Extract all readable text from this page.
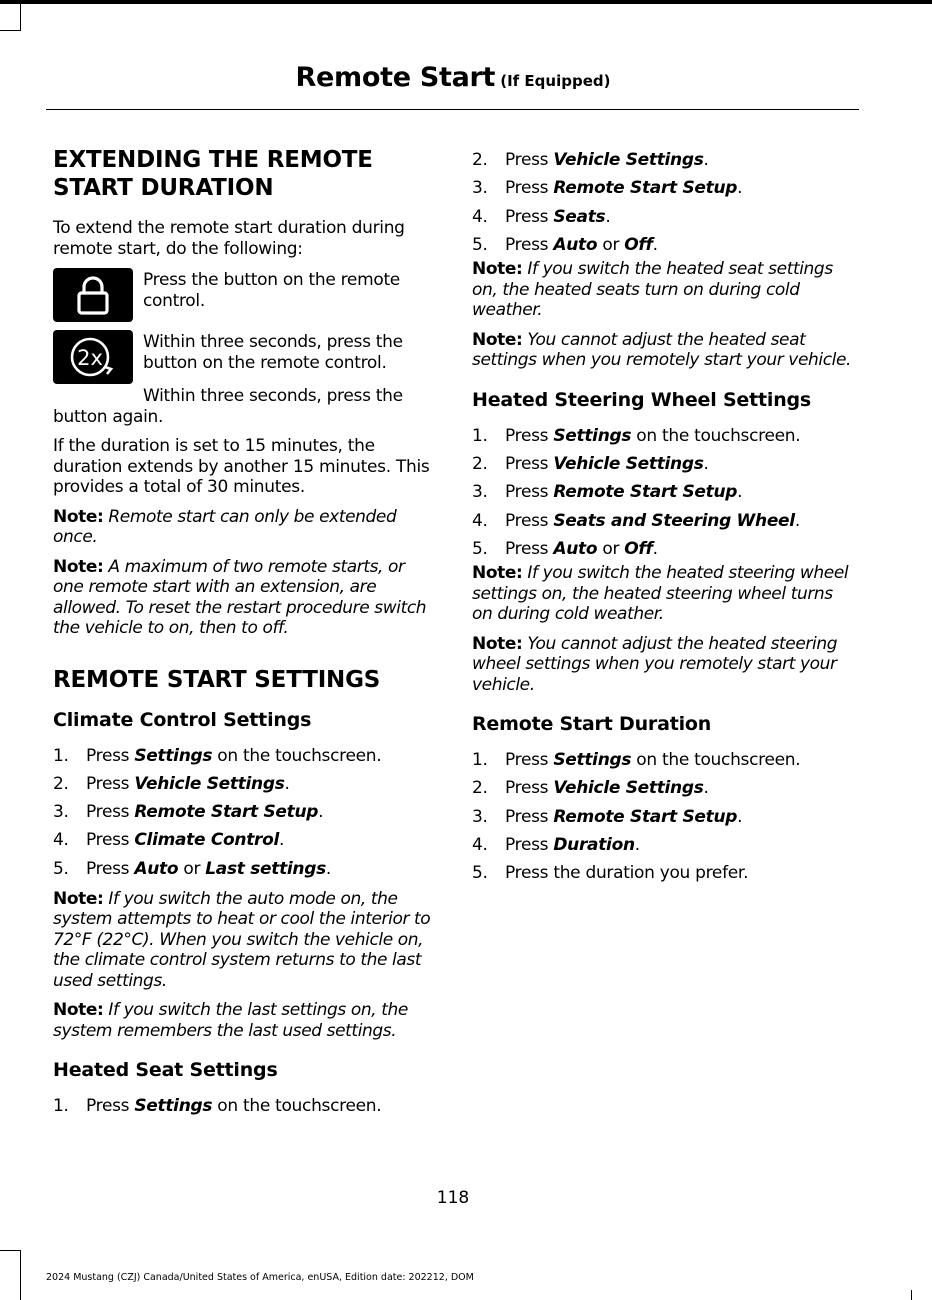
Remote Start (If Equipped)
EXTENDING THE REMOTE START DURATION
To extend the remote start duration during remote start, do the following:
Press the button on the remote control.
2x
Within three seconds, press the button on the remote control.
Within three seconds, press the button again.
If the duration is set to 15 minutes, the duration extends by another 15 minutes. This provides a total of 30 minutes.
Note: Remote start can only be extended once.
Note: A maximum of two remote starts, or one remote start with an extension, are allowed. To reset the restart procedure switch the vehicle to on, then to off.
REMOTE START SETTINGS
Climate Control Settings
1.	Press Settings on the touchscreen.
2.	Press Vehicle Settings.
3.	Press Remote Start Setup.
4.	Press Climate Control.
5.	Press Auto or Last settings.
Note: If you switch the auto mode on, the system attempts to heat or cool the interior to 72°F (22°C). When you switch the vehicle on, the climate control system returns to the last used settings.
Note: If you switch the last settings on, the system remembers the last used settings.
Heated Seat Settings
1.	Press Settings on the touchscreen.
2.	Press Vehicle Settings.
3.	Press Remote Start Setup.
4.	Press Seats.
5.	Press Auto or Off.
Note: If you switch the heated seat settings on, the heated seats turn on during cold weather.
Note: You cannot adjust the heated seat settings when you remotely start your vehicle.
Heated Steering Wheel Settings
1.	Press Settings on the touchscreen.
2.	Press Vehicle Settings.
3.	Press Remote Start Setup.
4.	Press Seats and Steering Wheel.
5.	Press Auto or Off.
Note: If you switch the heated steering wheel settings on, the heated steering wheel turns on during cold weather.
Note: You cannot adjust the heated steering wheel settings when you remotely start your vehicle.
Remote Start Duration
1.	Press Settings on the touchscreen.
2.	Press Vehicle Settings.
3.	Press Remote Start Setup.
4.	Press Duration.
5.	Press the duration you prefer.
118
2024 Mustang (CZJ) Canada/United States of America, enUSA, Edition date: 202212, DOM
